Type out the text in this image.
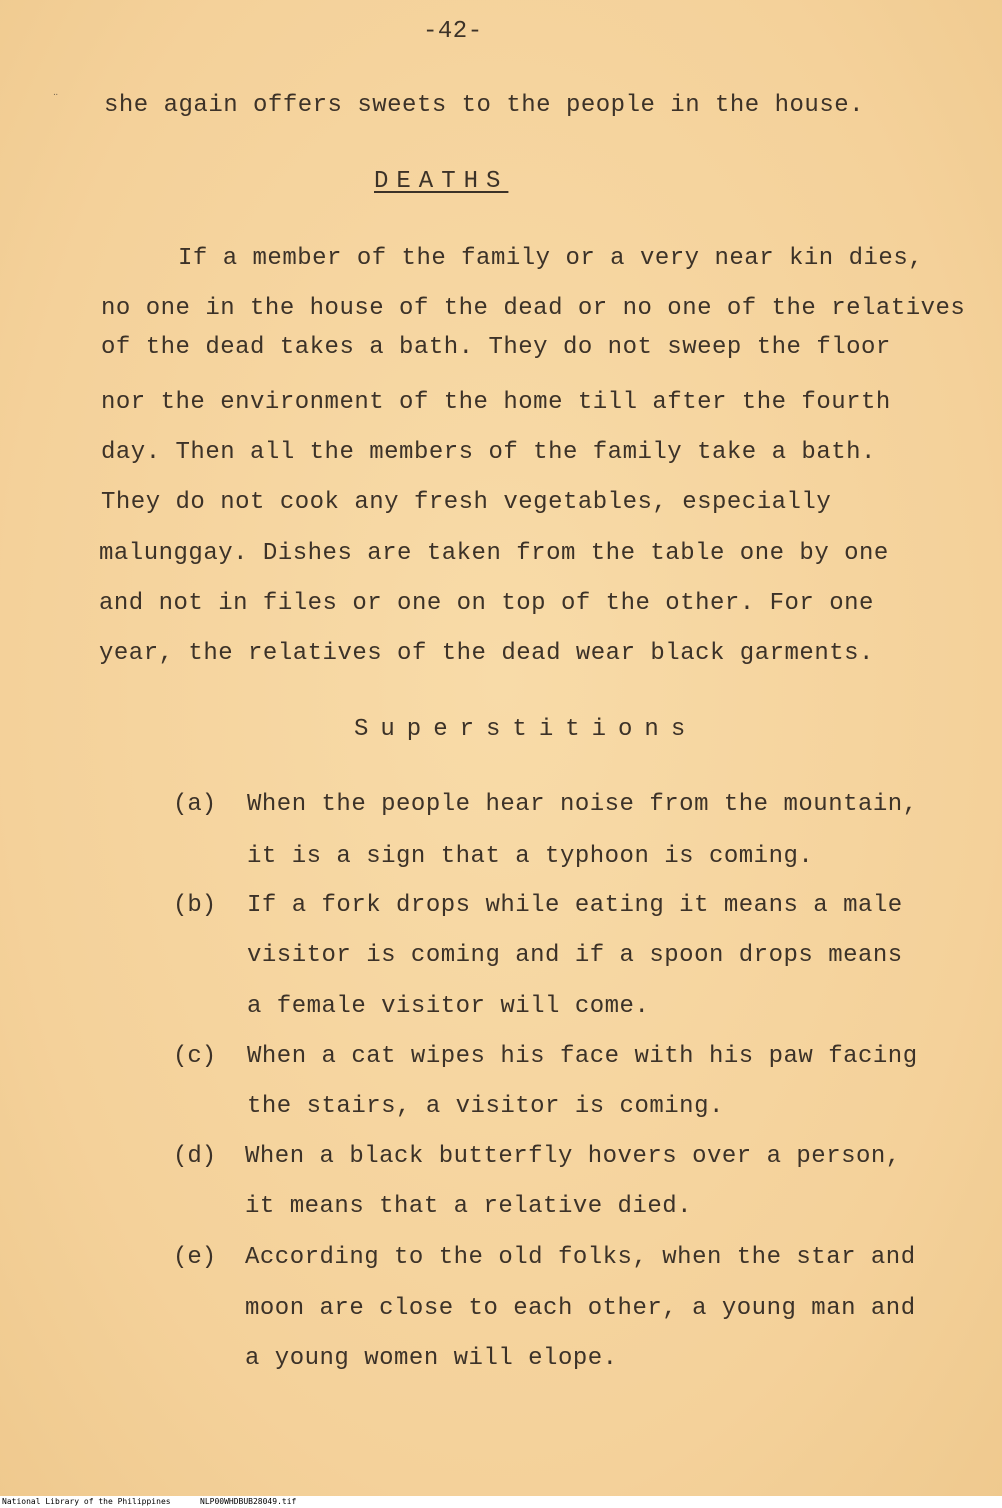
-42-
¨ she again offers sweets to the people in the house.
DEATHS
If a member of the family or a very near kin dies,
no one in the house of the dead or no one of the relatives
of the dead takes a bath. They do not sweep the floor
nor the environment of the home till after the fourth
day. Then all the members of the family take a bath.
They do not cook any fresh vegetables, especially
malunggay. Dishes are taken from the table one by one
and not in files or one on top of the other. For one
year, the relatives of the dead wear black garments.
Superstitions
(a) When the people hear noise from the mountain,
it is a sign that a typhoon is coming.
(b) If a fork drops while eating it means a male
visitor is coming and if a spoon drops means
a female visitor will come.
(c) When a cat wipes his face with his paw facing
the stairs, a visitor is coming.
(d) When a black butterfly hovers over a person,
it means that a relative died.
(e) According to the old folks, when the star and
moon are close to each other, a young man and
a young women will elope.
National Library of the Philippines	NLP00WHDBUB28049.tif
